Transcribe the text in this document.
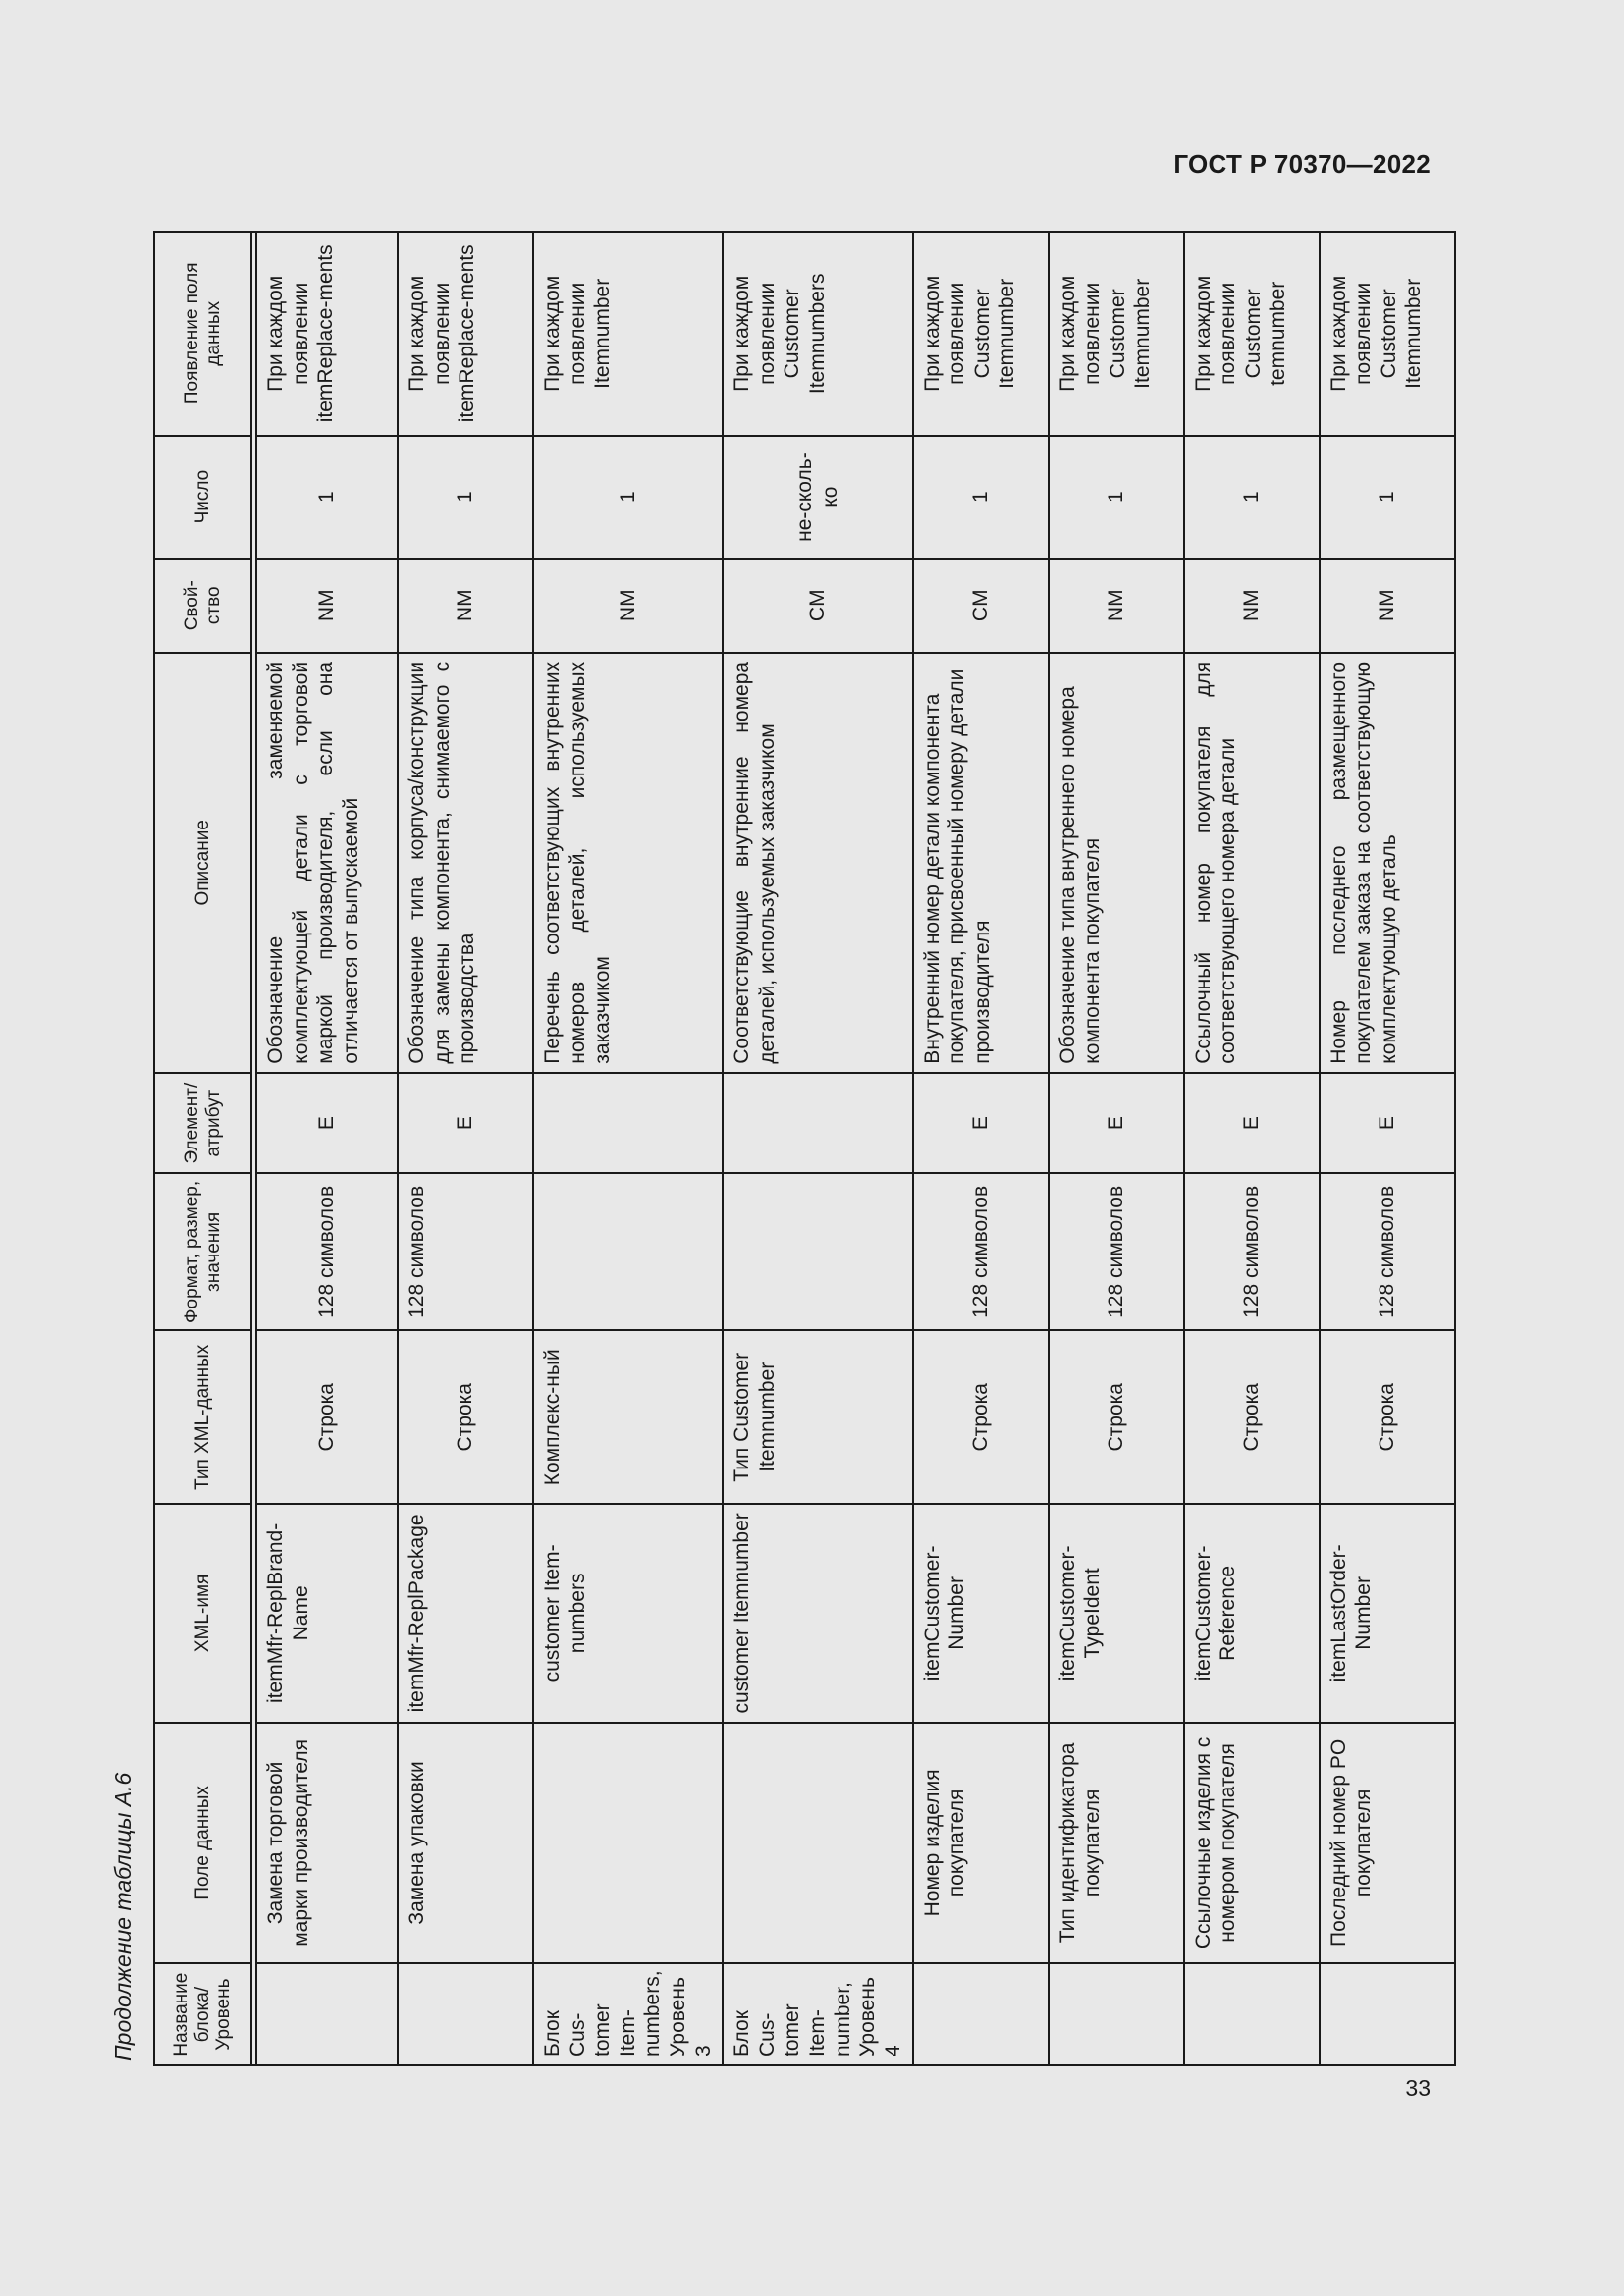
ГОСТ Р 70370—2022
Продолжение таблицы А.6	Название блока/ Уровень	Поле данных	XML-имя	Тип XML-данных	Формат, размер, значения	Элемент/ атрибут	Описание	Свой-ство	Число	Появление поля данных

	Замена торговой марки производителя	itemMfr-ReplBrand-Name	Строка	128 символов	E	Обозначение заменяемой комплектующей детали с торговой маркой производителя, если она отличается от выпускаемой	NM	1	При каждом появлении itemReplace-ments
	Замена упаковки	itemMfr-ReplPackage	Строка	128 символов	E	Обозначение типа корпуса/конструкции для замены компонента, снимаемого с производства	NM	1	При каждом появлении itemReplace-ments
Блок Cus-tomer Item-numbers, Уровень 3		customer Item-numbers	Комплекс-ный			Перечень соответствующих внутренних номеров деталей, используемых заказчиком	NM	1	При каждом появлении Itemnumber
Блок Cus-tomer Item-number, Уровень 4		customer Itemnumber	Тип Customer Itemnumber			Соответствующие внутренние номера деталей, используемых заказчиком	CM	не-сколь-ко	При каждом появлении Customer Itemnumbers
	Номер изделия покупателя	itemCustomer-Number	Строка	128 символов	E	Внутренний номер детали компонента покупателя, присвоенный номеру детали производителя	CM	1	При каждом появлении Customer Itemnumber
	Тип идентификатора покупателя	itemCustomer-TypeIdent	Строка	128 символов	E	Обозначение типа внутреннего номера компонента покупателя	NM	1	При каждом появлении Customer Itemnumber
	Ссылочные изделия с номером покупателя	itemCustomer-Reference	Строка	128 символов	E	Ссылочный номер покупателя для соответствующего номера детали	NM	1	При каждом появлении Customer temnumber
	Последний номер PO покупателя	itemLastOrder-Number	Строка	128 символов	E	Номер последнего размещенного покупателем заказа на соответствующую комплектующую деталь	NM	1	При каждом появлении Customer Itemnumber
33
